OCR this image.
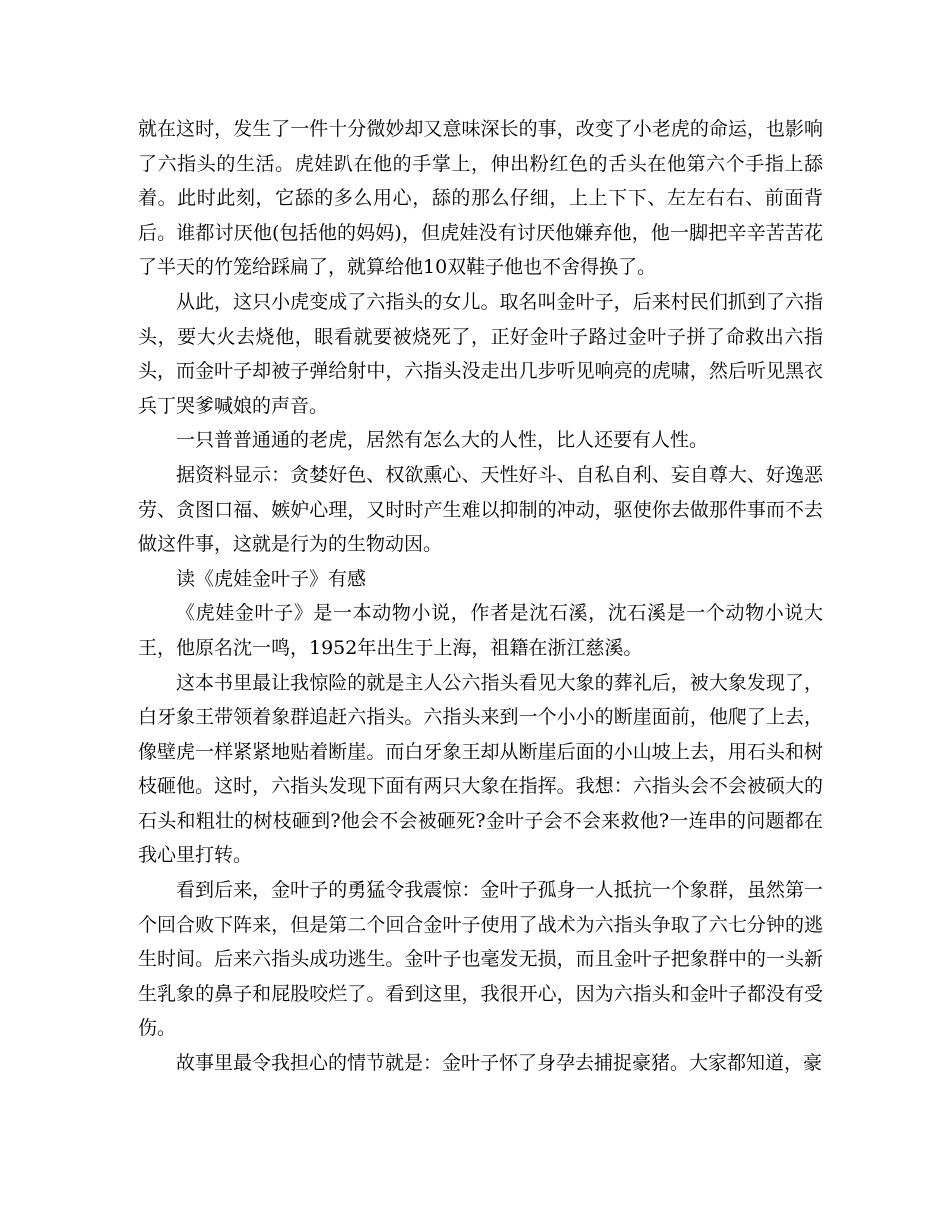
就在这时，发生了一件十分微妙却又意味深长的事，改变了小老虎的命运，也影响了六指头的生活。虎娃趴在他的手掌上，伸出粉红色的舌头在他第六个手指上舔着。此时此刻，它舔的多么用心，舔的那么仔细，上上下下、左左右右、前面背后。谁都讨厌他(包括他的妈妈)，但虎娃没有讨厌他嫌弃他，他一脚把辛辛苦苦花了半天的竹笼给踩扁了，就算给他10双鞋子他也不舍得换了。

从此，这只小虎变成了六指头的女儿。取名叫金叶子，后来村民们抓到了六指头，要大火去烧他，眼看就要被烧死了，正好金叶子路过金叶子拼了命救出六指头，而金叶子却被子弹给射中，六指头没走出几步听见响亮的虎啸，然后听见黑衣兵丁哭爹喊娘的声音。

一只普普通通的老虎，居然有怎么大的人性，比人还要有人性。

据资料显示：贪婪好色、权欲熏心、天性好斗、自私自利、妄自尊大、好逸恶劳、贪图口福、嫉妒心理，又时时产生难以抑制的冲动，驱使你去做那件事而不去做这件事，这就是行为的生物动因。

读《虎娃金叶子》有感

《虎娃金叶子》是一本动物小说，作者是沈石溪，沈石溪是一个动物小说大王，他原名沈一鸣，1952年出生于上海，祖籍在浙江慈溪。

这本书里最让我惊险的就是主人公六指头看见大象的葬礼后，被大象发现了，白牙象王带领着象群追赶六指头。六指头来到一个小小的断崖面前，他爬了上去，像壁虎一样紧紧地贴着断崖。而白牙象王却从断崖后面的小山坡上去，用石头和树枝砸他。这时，六指头发现下面有两只大象在指挥。我想：六指头会不会被硕大的石头和粗壮的树枝砸到?他会不会被砸死?金叶子会不会来救他?一连串的问题都在我心里打转。

看到后来，金叶子的勇猛令我震惊：金叶子孤身一人抵抗一个象群，虽然第一个回合败下阵来，但是第二个回合金叶子使用了战术为六指头争取了六七分钟的逃生时间。后来六指头成功逃生。金叶子也毫发无损，而且金叶子把象群中的一头新生乳象的鼻子和屁股咬烂了。看到这里，我很开心，因为六指头和金叶子都没有受伤。

故事里最令我担心的情节就是：金叶子怀了身孕去捕捉豪猪。大家都知道，豪
